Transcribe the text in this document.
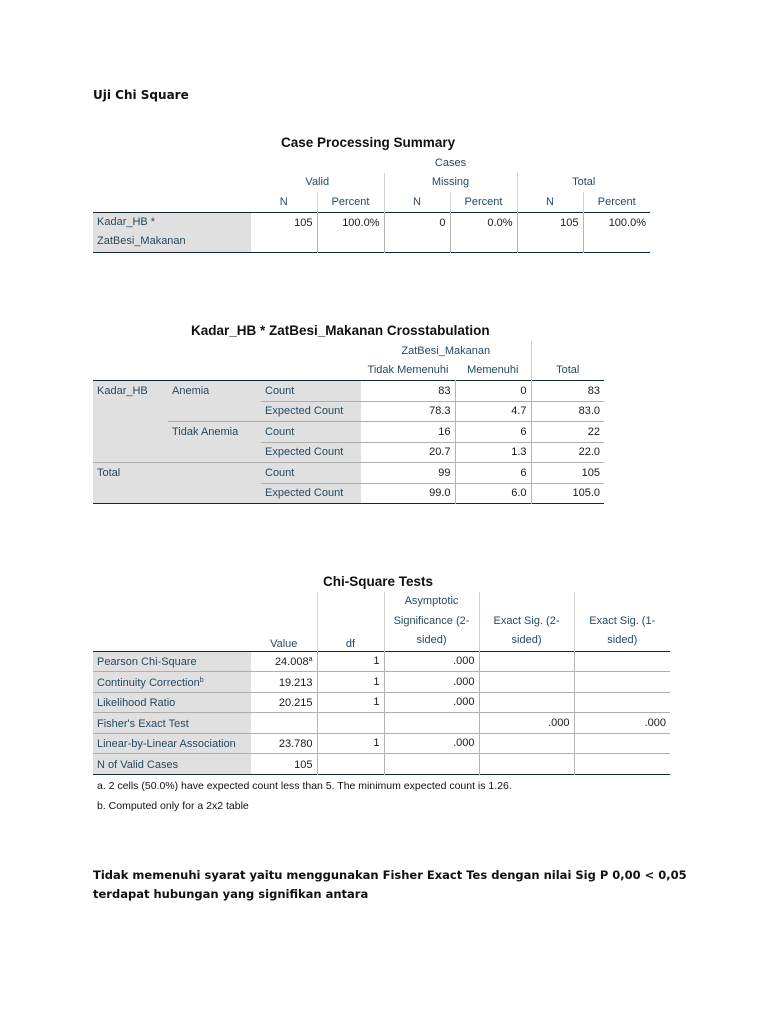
Uji Chi Square
Case Processing Summary
	Cases					
	Valid		Missing		Total	
	N	Percent	N	Percent	N	Percent
Kadar_HB *
ZatBesi_Makanan	105	100.0%	0	0.0%	105	100.0%
Kadar_HB * ZatBesi_Makanan Crosstabulation
			ZatBesi_Makanan		
			Tidak Memenuhi	Memenuhi	Total
Kadar_HB	Anemia	Count	83	0	83
		Expected Count	78.3	4.7	83.0
	Tidak Anemia	Count	16	6	22
		Expected Count	20.7	1.3	22.0
Total		Count	99	6	105
		Expected Count	99.0	6.0	105.0
Chi-Square Tests
	Value	df	Asymptotic Significance (2-sided)	Exact Sig. (2-sided)	Exact Sig. (1-sided)
Pearson Chi-Square	24.008$^a$	1	.000		
Continuity Correction$^b$	19.213	1	.000		
Likelihood Ratio	20.215	1	.000		
Fisher's Exact Test				.000	.000
Linear-by-Linear Association	23.780	1	.000		
N of Valid Cases	105				
a. 2 cells (50.0%) have expected count less than 5. The minimum expected count is 1.26.
b. Computed only for a 2x2 table
Tidak memenuhi syarat yaitu menggunakan Fisher Exact Tes dengan nilai Sig P 0,00 < 0,05 terdapat hubungan yang signifikan antara
